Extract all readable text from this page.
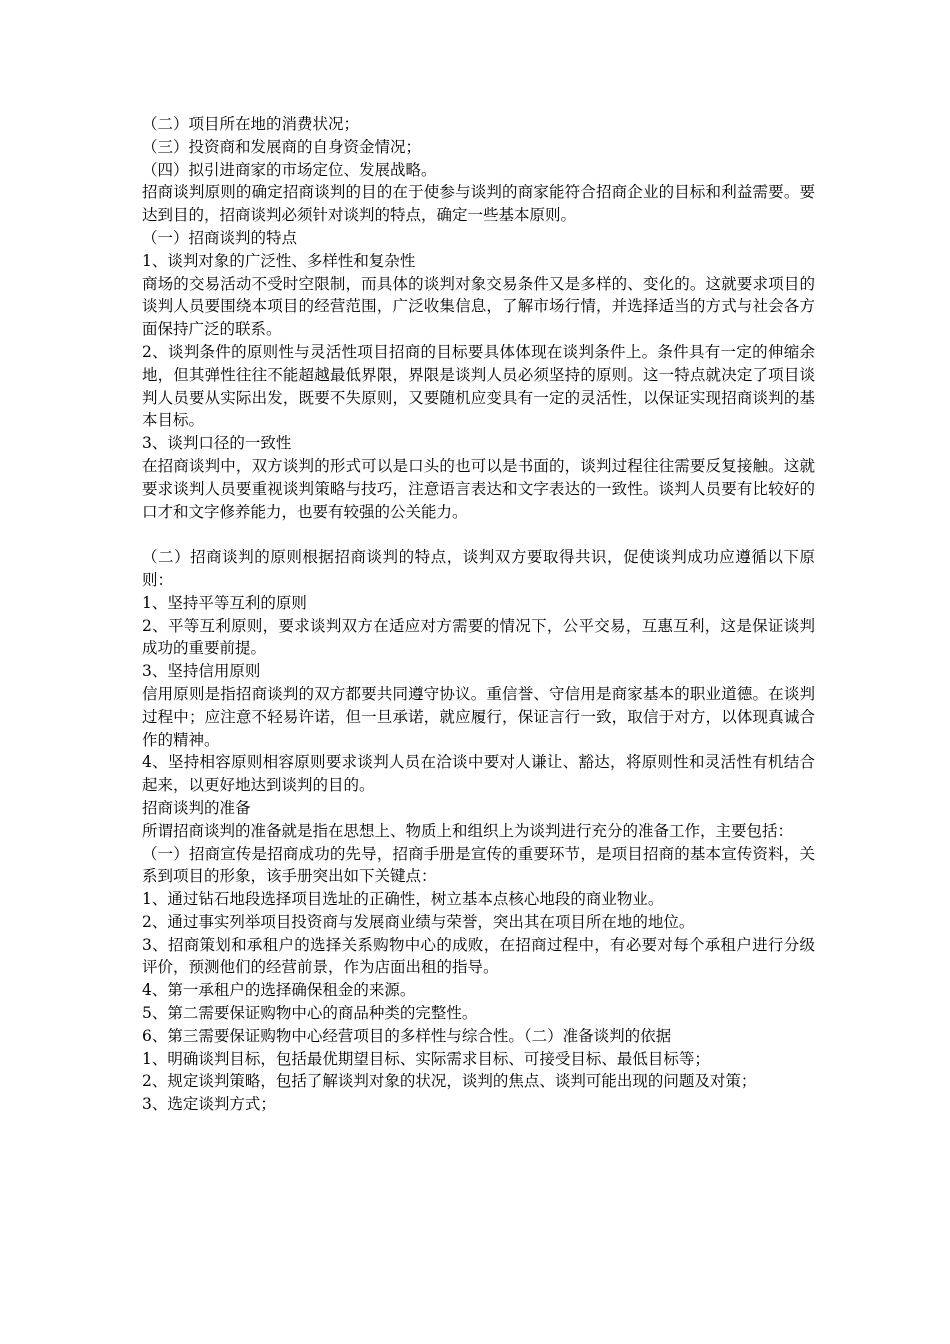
（二）项目所在地的消费状况；

（三）投资商和发展商的自身资金情况；

（四）拟引进商家的市场定位、发展战略。

招商谈判原则的确定招商谈判的目的在于使参与谈判的商家能符合招商企业的目标和利益需要。要达到目的，招商谈判必须针对谈判的特点，确定一些基本原则。

（一）招商谈判的特点

1、谈判对象的广泛性、多样性和复杂性

商场的交易活动不受时空限制，而具体的谈判对象交易条件又是多样的、变化的。这就要求项目的谈判人员要围绕本项目的经营范围，广泛收集信息，了解市场行情，并选择适当的方式与社会各方面保持广泛的联系。

2、谈判条件的原则性与灵活性项目招商的目标要具体体现在谈判条件上。条件具有一定的伸缩余地，但其弹性往往不能超越最低界限，界限是谈判人员必须坚持的原则。这一特点就决定了项目谈判人员要从实际出发，既要不失原则，又要随机应变具有一定的灵活性，以保证实现招商谈判的基本目标。

3、谈判口径的一致性

在招商谈判中，双方谈判的形式可以是口头的也可以是书面的，谈判过程往往需要反复接触。这就要求谈判人员要重视谈判策略与技巧，注意语言表达和文字表达的一致性。谈判人员要有比较好的口才和文字修养能力，也要有较强的公关能力。

（二）招商谈判的原则根据招商谈判的特点，谈判双方要取得共识，促使谈判成功应遵循以下原则：

1、坚持平等互利的原则

2、平等互利原则，要求谈判双方在适应对方需要的情况下，公平交易，互惠互利，这是保证谈判成功的重要前提。

3、坚持信用原则

信用原则是指招商谈判的双方都要共同遵守协议。重信誉、守信用是商家基本的职业道德。在谈判过程中；应注意不轻易许诺，但一旦承诺，就应履行，保证言行一致，取信于对方，以体现真诚合作的精神。

4、坚持相容原则相容原则要求谈判人员在洽谈中要对人谦让、豁达，将原则性和灵活性有机结合起来，以更好地达到谈判的目的。

招商谈判的准备

所谓招商谈判的准备就是指在思想上、物质上和组织上为谈判进行充分的准备工作，主要包括：

（一）招商宣传是招商成功的先导，招商手册是宣传的重要环节，是项目招商的基本宣传资料，关系到项目的形象，该手册突出如下关键点：

1、通过钻石地段选择项目选址的正确性，树立基本点核心地段的商业物业。

2、通过事实列举项目投资商与发展商业绩与荣誉，突出其在项目所在地的地位。

3、招商策划和承租户的选择关系购物中心的成败，在招商过程中，有必要对每个承租户进行分级评价，预测他们的经营前景，作为店面出租的指导。

4、第一承租户的选择确保租金的来源。

5、第二需要保证购物中心的商品种类的完整性。

6、第三需要保证购物中心经营项目的多样性与综合性。（二）准备谈判的依据

1、明确谈判目标，包括最优期望目标、实际需求目标、可接受目标、最低目标等；

2、规定谈判策略，包括了解谈判对象的状况，谈判的焦点、谈判可能出现的问题及对策；

3、选定谈判方式；
